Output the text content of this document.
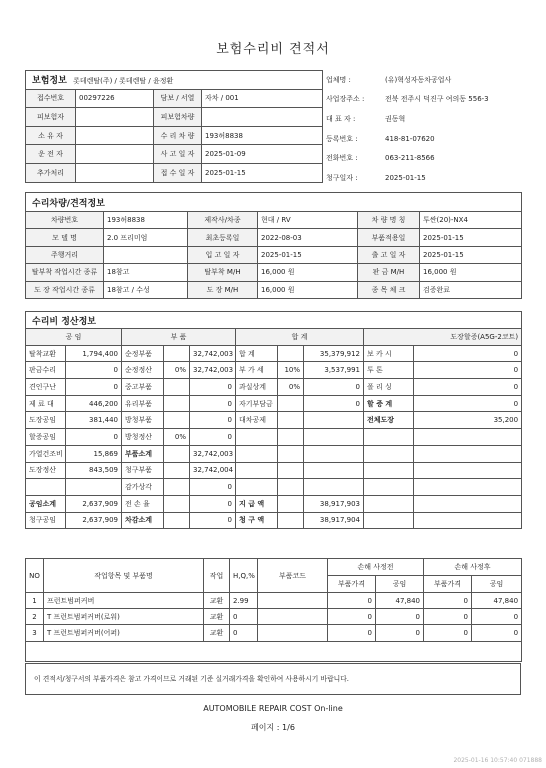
보험수리비 견적서
보험정보 롯데렌탈(주) / 롯데렌탈 / 윤정환			
접수번호	00297226	담보 / 서열	자차 / 001
피보험자		피보험차량	
소 유 자		수 리 차 량	193허8838
운 전 자		사 고 일 자	2025-01-09
추가처리		접 수 일 자	2025-01-15
업체명 :	(유)혁성자동차공업사
사업장주소 :	전북 전주시 덕진구 여의동 556-3
대 표 자 :	권동혁
등록번호 :	418-81-07620
전화번호 :	063-211-8566
청구일자 :	2025-01-15
수리차량/견적정보					
차량번호	193허8838	제작사/차종	현대 / RV	차 량 명 칭	투싼(20)-NX4
모 델 명	2.0 프리미엄	최초등록일	2022-08-03	부품적용일	2025-01-15
주행거리		입 고 일 자	2025-01-15	출 고 일 자	2025-01-15
탈부착 작업시간 종류	18참고	탈부착 M/H	16,000 원	판 금 M/H	16,000 원
도 장 작업시간 종류	18참고 / 수성	도 장 M/H	16,000 원	종 목 체 크	검증완료
수리비 정산정보									
공 임		부 품			합 계			도장할증(A5G-2코트)	
탈착교환	1,794,400	순정부품		32,742,003	합 계		35,379,912	보 카 시	0
판금수리	0	순정정산	0%	32,742,003	부 가 세	10%	3,537,991	투 톤	0
견인구난	0	중고부품		0	과실상계	0%	0	폴 리 싱	0
제 료 대	446,200	유리부품		0	자기부담금		0	할 증 계	0
도장공임	381,440	방청부품		0	대차공제			전체도장	35,200
할증공임	0	방청정산	0%	0					
가열건조비	15,869	부품소계		32,742,003					
도장정산	843,509	청구부품		32,742,004					
		감가상각		0					
공임소계	2,637,909	전 손 율		0	지 급 액		38,917,903		
청구공임	2,637,909	차감소계		0	청 구 액		38,917,904		
NO	작업항목 및 부품명	작업	H,Q,%	부품코드	손해 사정전		손해 사정후	
					부품가격	공임	부품가격	공임
1	프런트범퍼커버	교환	2.99		0	47,840	0	47,840
2	T 프런트범퍼커버(로워)	교환	0		0	0	0	0
3	T 프런트범퍼커버(어퍼)	교환	0		0	0	0	0

이 견적서/청구서의 부품가격은 참고 가격이므로 거래된 기준 실거래가격을 확인하여 사용하시기 바랍니다.
AUTOMOBILE REPAIR COST On-line
페이지 : 1/6
2025-01-16 10:57:40 071888
